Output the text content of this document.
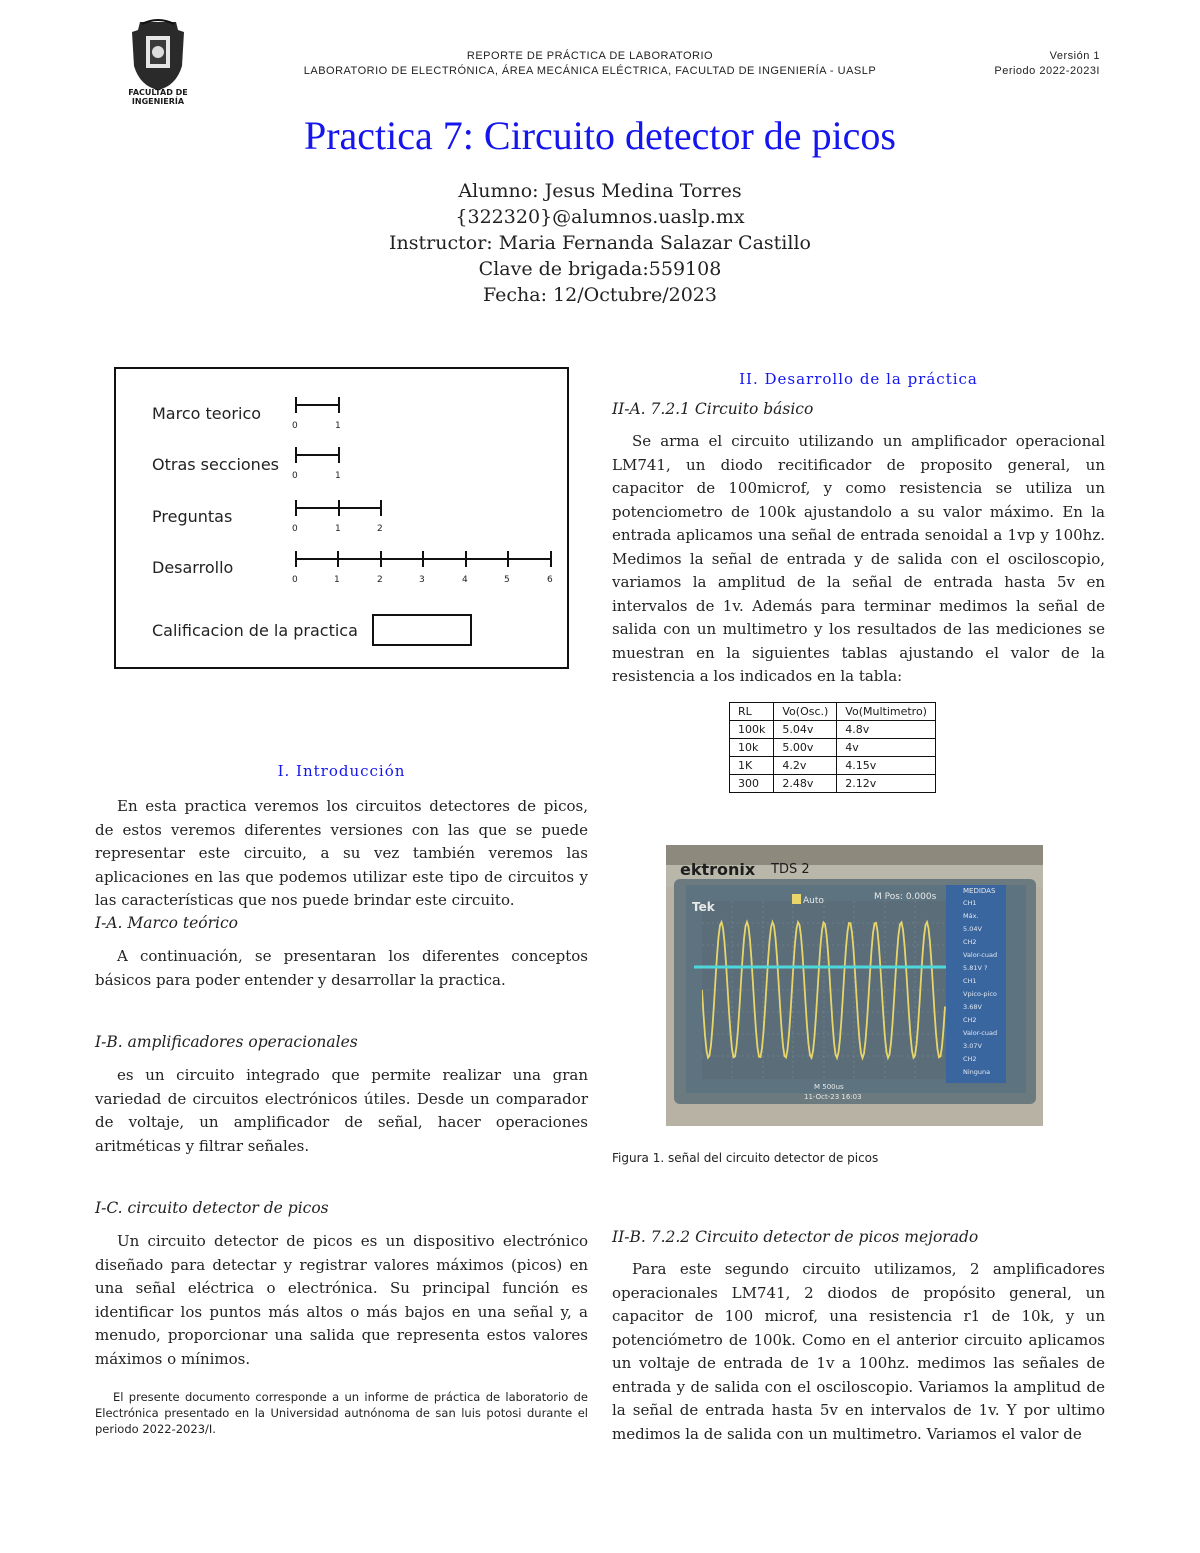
FACULTAD DE
INGENIERÍA
REPORTE DE PRÁCTICA DE LABORATORIO
LABORATORIO DE ELECTRÓNICA, ÁREA MECÁNICA ELÉCTRICA, FACULTAD DE INGENIERÍA - UASLP
Versión 1
Periodo 2022-2023I
Practica 7: Circuito detector de picos
Alumno: Jesus Medina Torres
{322320}@alumnos.uaslp.mx
Instructor: Maria Fernanda Salazar Castillo
Clave de brigada:559108
Fecha: 12/Octubre/2023
Marco teorico
Otras secciones
Preguntas
Desarrollo
0	1
0	1
0	1	2
0	1	2	3	4	5	6
Calificacion de la practica
I. Introducción
En esta practica veremos los circuitos detectores de picos, de estos veremos diferentes versiones con las que se puede representar este circuito, a su vez también veremos las aplicaciones en las que podemos utilizar este tipo de circuitos y las características que nos puede brindar este circuito.
I-A. Marco teórico
A continuación, se presentaran los diferentes conceptos básicos para poder entender y desarrollar la practica.
I-B. amplificadores operacionales
es un circuito integrado que permite realizar una gran variedad de circuitos electrónicos útiles. Desde un comparador de voltaje, un amplificador de señal, hacer operaciones aritméticas y filtrar señales.
I-C. circuito detector de picos
Un circuito detector de picos es un dispositivo electrónico diseñado para detectar y registrar valores máximos (picos) en una señal eléctrica o electrónica. Su principal función es identificar los puntos más altos o más bajos en una señal y, a menudo, proporcionar una salida que representa estos valores máximos o mínimos.
El presente documento corresponde a un informe de práctica de laboratorio de Electrónica presentado en la Universidad autnónoma de san luis potosi durante el periodo 2022-2023/I.
II. Desarrollo de la práctica
II-A. 7.2.1 Circuito básico
Se arma el circuito utilizando un amplificador operacional LM741, un diodo recitificador de proposito general, un capacitor de 100microf, y como resistencia se utiliza un potenciometro de 100k ajustandolo a su valor máximo. En la entrada aplicamos una señal de entrada senoidal a 1vp y 100hz. Medimos la señal de entrada y de salida con el osciloscopio, variamos la amplitud de la señal de entrada hasta 5v en intervalos de 1v. Además para terminar medimos la señal de salida con un multimetro y los resultados de las mediciones se muestran en la siguientes tablas ajustando el valor de la resistencia a los indicados en la tabla:
RL	Vo(Osc.)	Vo(Multimetro)
100k	5.04v	4.8v
10k	5.00v	4v
1K	4.2v	4.15v
300	2.48v	2.12v
ektronix TDS 2
Tek	Auto	M Pos: 0.000s
MEDIDAS
CH1
Máx.
5.04V
CH2
Valor-cuad
5.81V ?
CH1
Vpico-pico
3.68V
CH2
Valor-cuad
3.07V
CH2
Ninguna
M 500us
11-Oct-23 16:03
Figura 1. señal del circuito detector de picos
II-B. 7.2.2 Circuito detector de picos mejorado
Para este segundo circuito utilizamos, 2 amplificadores operacionales LM741, 2 diodos de propósito general, un capacitor de 100 microf, una resistencia r1 de 10k, y un potenciómetro de 100k. Como en el anterior circuito aplicamos un voltaje de entrada de 1v a 100hz. medimos las señales de entrada y de salida con el osciloscopio. Variamos la amplitud de la señal de entrada hasta 5v en intervalos de 1v. Y por ultimo medimos la de salida con un multimetro. Variamos el valor de
